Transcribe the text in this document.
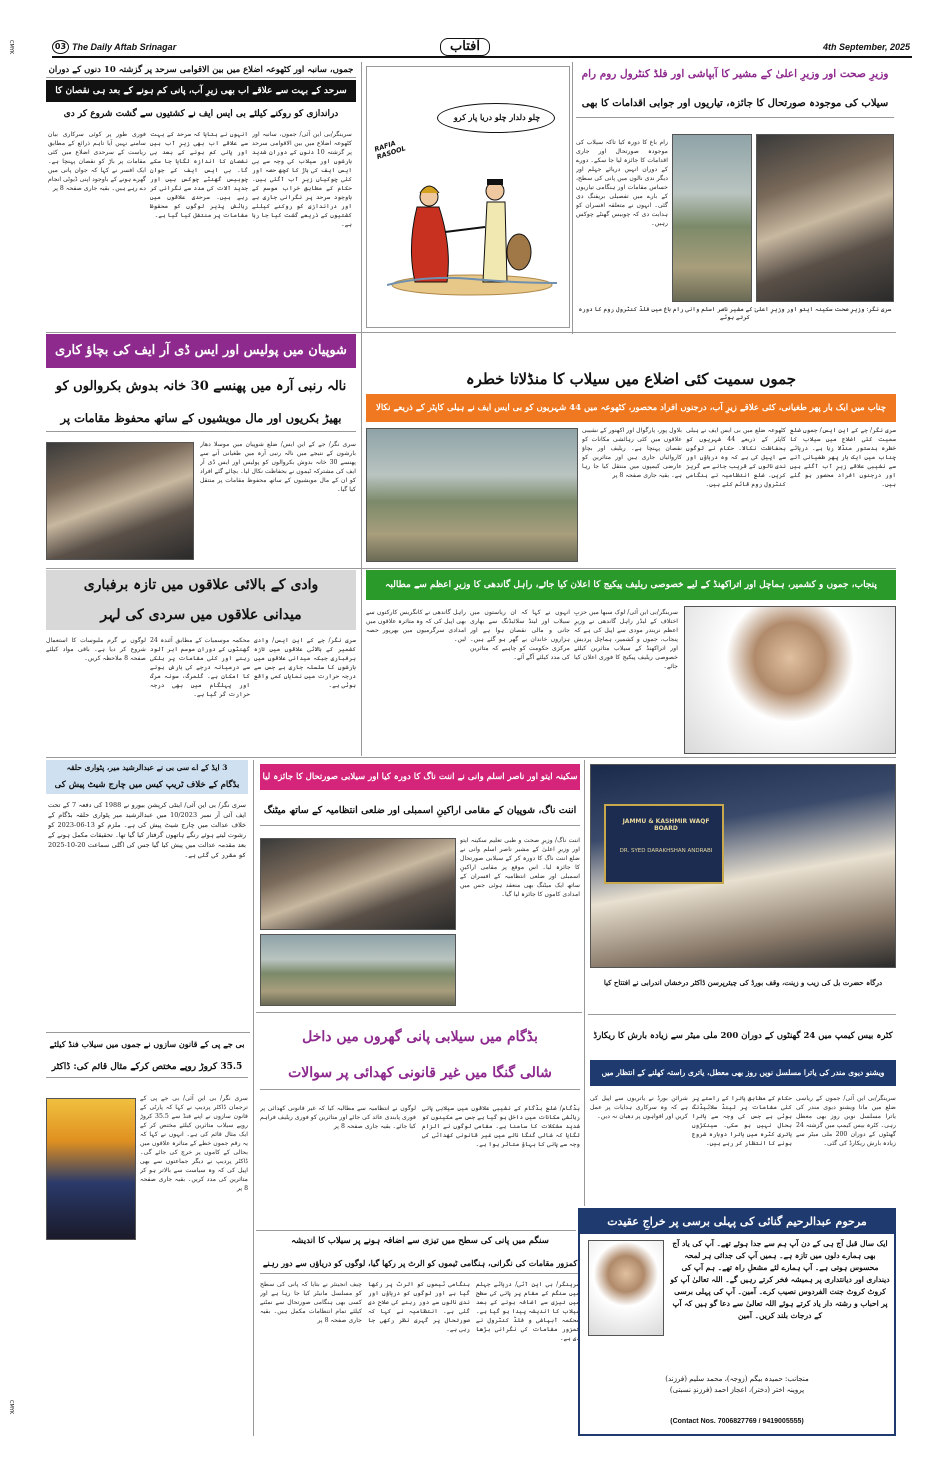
03 The Daily Aftab Srinagar	آفتاب	4th September, 2025
CMYK
CMYK
جموں، سانبہ اور کٹھوعہ اضلاع میں بین الاقوامی سرحد پر گزشتہ 10 دنوں کے دوران
سرحد کے بہت سے علاقے اب بھی زیرِ آب، پانی کم ہونے کے بعد ہی نقصان کا
دراندازی کو روکنے کیلئے بی ایس ایف نے کشتیوں سے گشت شروع کر دی
سرینگر/بی این آئی/ جموں، سانبہ اور کٹھوعہ اضلاع میں بین الاقوامی سرحد پر گزشتہ 10 دنوں کے دوران شدید بارشوں اور سیلاب کی وجہ سے بی ایس ایف کی باڑ کا کچھ حصہ اور کئی چوکیاں زیرِ آب آگئی ہیں۔ حکام کے مطابق خراب موسم کے باوجود سرحد پر نگرانی جاری ہے اور دراندازی کو روکنے کیلئے کشتیوں کے ذریعے گشت کیا جا رہا ہے۔
انہوں نے بتایا کہ سرحد کے بہت سے علاقے اب بھی زیرِ آب ہیں اور پانی کم ہونے کے بعد ہی نقصان کا اندازہ لگایا جا سکے گا۔ بی ایس ایف کے جوان چوبیس گھنٹے چوکس ہیں اور جدید آلات کی مدد سے نگرانی کر رہے ہیں۔ سرحدی علاقوں میں رہائش پذیر لوگوں کو محفوظ مقامات پر منتقل کیا گیا ہے۔
فوری طور پر کوئی سرکاری بیان سامنے نہیں آیا تاہم ذرائع کے مطابق ریاست کے سرحدی اضلاع میں کئی مقامات پر باڑ کو نقصان پہنچا ہے۔ ایک افسر نے کہا کہ جوان پانی میں گھرے ہونے کے باوجود اپنی ڈیوٹی انجام دے رہے ہیں۔ بقیہ جاری صفحہ 8 پر
چلو دلدار چلو دریا پار کرو
RAFIA RASOOL
وزیرِ صحت اور وزیرِ اعلیٰ کے مشیر کا آبپاشی اور فلڈ کنٹرول روم رام
سیلاب کی موجودہ صورتحال کا جائزہ، تیاریوں اور جوابی اقدامات کا بھی
رام باغ کا دورہ کیا تاکہ سیلاب کی موجودہ صورتحال اور جاری اقدامات کا جائزہ لیا جا سکے۔ دورے کے دوران انہیں دریائے جہلم اور دیگر ندی نالوں میں پانی کی سطح، حساس مقامات اور ہنگامی تیاریوں کے بارے میں تفصیلی بریفنگ دی گئی۔ انہوں نے متعلقہ افسران کو ہدایت دی کہ چوبیس گھنٹے چوکس رہیں۔
سری نگر: وزیرِ صحت سکینہ ایتو اور وزیرِ اعلیٰ کے مشیر ناصر اسلم وانی رام باغ میں فلڈ کنٹرول روم کا دورہ کرتے ہوئے
شوپیان میں پولیس اور ایس ڈی آر ایف کی بچاؤ کاری
نالہ رنبی آرہ میں پھنسے 30 خانہ بدوش بکروالوں کو
بھیڑ بکریوں اور مال مویشیوں کے ساتھ محفوظ مقامات پر
سری نگر/ جے کے این ایس/ ضلع شوپیان میں موسلا دھار بارشوں کے نتیجے میں نالہ رنبی آرہ میں طغیانی آنے سے پھنسے 30 خانہ بدوش بکروالوں کو پولیس اور ایس ڈی آر ایف کی مشترکہ ٹیموں نے بحفاظت نکال لیا۔ بچائے گئے افراد کو ان کے مال مویشیوں کے ساتھ محفوظ مقامات پر منتقل کیا گیا۔
جموں سمیت کئی اضلاع میں سیلاب کا منڈلاتا خطرہ
چناب میں ایک بار پھر طغیانی، کئی علاقے زیرِ آب، درجنوں افراد محصور، کٹھوعہ میں 44 شہریوں کو بی ایس ایف نے ہیلی کاپٹر کے ذریعے نکالا
بلاول پور، پارگوال اور اکھنور کے نشیبی علاقوں میں کئی رہائشی مکانات کو نقصان پہنچا ہے۔ ریلیف اور بچاؤ کاروائیاں جاری ہیں اور متاثرین کو عارضی کیمپوں میں منتقل کیا جا رہا ہے۔ بقیہ جاری صفحہ 8 پر
کٹھوعہ ضلع میں بی ایس ایف نے ہیلی کاپٹر کے ذریعے 44 شہریوں کو بحفاظت نکالا۔ حکام نے لوگوں سے اپیل کی ہے کہ وہ دریاؤں اور ندی نالوں کے قریب جانے سے گریز کریں۔ ضلع انتظامیہ نے ہنگامی کنٹرول روم قائم کئے ہیں۔
سری نگر/ جے کے این ایس/ جموں ضلع سمیت کئی اضلاع میں سیلاب کا خطرہ بدستور منڈلا رہا ہے۔ دریائے چناب میں ایک بار پھر طغیانی آنے سے نشیبی علاقے زیرِ آب آگئے ہیں اور درجنوں افراد محصور ہو گئے ہیں۔
وادی کے بالائی علاقوں میں تازہ برفباری
میدانی علاقوں میں سردی کی لہر
سری نگر/ جے کے این ایس/ وادی کشمیر کے بالائی علاقوں میں تازہ برفباری جبکہ میدانی علاقوں میں بارشوں کا سلسلہ جاری ہے جس سے درجہ حرارت میں نمایاں کمی واقع ہوئی ہے۔
محکمہ موسمیات کے مطابق آئندہ 24 گھنٹوں کے دوران موسم ابر آلود رہنے اور کئی مقامات پر ہلکی سے درمیانہ درجے کی بارش ہونے کا امکان ہے۔ گلمرگ، سونہ مرگ اور پہلگام میں بھی درجہ حرارت گر گیا ہے۔
لوگوں نے گرم ملبوسات کا استعمال شروع کر دیا ہے۔ باقی مواد کیلئے صفحہ 8 ملاحظہ کریں۔
پنجاب، جموں و کشمیر، ہماچل اور اتراکھنڈ کے لیے خصوصی ریلیف پیکیج کا اعلان کیا جائے، راہل گاندھی کا وزیرِ اعظم سے مطالبہ
راہل گاندھی نے کانگریس کارکنوں سے بھی اپیل کی کہ وہ متاثرہ علاقوں میں امدادی سرگرمیوں میں بھرپور حصہ لیں۔
انہوں نے کہا کہ ان ریاستوں میں سیلاب اور لینڈ سلائیڈنگ سے بھاری جانی و مالی نقصان ہوا ہے اور ہزاروں خاندان بے گھر ہو گئے ہیں۔ مرکزی حکومت کو چاہیے کہ متاثرین کی مدد کیلئے آگے آئے۔
سرینگر/بی این آئی/ لوک سبھا میں حزبِ اختلاف کے لیڈر راہل گاندھی نے وزیرِ اعظم نریندر مودی سے اپیل کی ہے کہ پنجاب، جموں و کشمیر، ہماچل پردیش اور اتراکھنڈ کے سیلاب متاثرین کیلئے خصوصی ریلیف پیکیج کا فوری اعلان کیا جائے۔
3 ایڈ کے اے سی بی نے عبدالرشید میر، پٹواری حلقہ
بڈگام کے خلاف ٹریپ کیس میں چارج شیٹ پیش کی
سری نگر/ بی این آئی/ اینٹی کرپشن بیورو نے 1988 کی دفعہ 7 کے تحت ایف آئی آر نمبر 10/2023 میں عبدالرشید میر پٹواری حلقہ بڈگام کے خلاف عدالت میں چارج شیٹ پیش کی ہے۔ ملزم کو 13-06-2023 کو رشوت لیتے ہوئے رنگے ہاتھوں گرفتار کیا گیا تھا۔ تحقیقات مکمل ہونے کے بعد مقدمہ عدالت میں پیش کیا گیا جس کی اگلی سماعت 20-10-2025 کو مقرر کی گئی ہے۔
بی جے پی کے قانون سازوں نے جموں میں سیلاب فنڈ کیلئے
35.5 کروڑ روپے مختص کرکے مثال قائم کی: ڈاکٹر
سری نگر/ بی این آئی/ بی جے پی کے ترجمان ڈاکٹر پردیپ نے کہا کہ پارٹی کے قانون سازوں نے اپنے فنڈ سے 35.5 کروڑ روپے سیلاب متاثرین کیلئے مختص کر کے ایک مثال قائم کی ہے۔ انہوں نے کہا کہ یہ رقم جموں خطے کے متاثرہ علاقوں میں بحالی کے کاموں پر خرچ کی جائے گی۔ ڈاکٹر پردیپ نے دیگر جماعتوں سے بھی اپیل کی کہ وہ سیاست سے بالاتر ہو کر متاثرین کی مدد کریں۔ بقیہ جاری صفحہ 8 پر
سکینہ ایتو اور ناصر اسلم وانی نے اننت ناگ کا دورہ کیا اور سیلابی صورتحال کا جائزہ لیا
اننت ناگ، شوپیان کے مقامی اراکینِ اسمبلی اور ضلعی انتظامیہ کے ساتھ میٹنگ
اننت ناگ/ وزیرِ صحت و طبی تعلیم سکینہ ایتو اور وزیرِ اعلیٰ کے مشیر ناصر اسلم وانی نے ضلع اننت ناگ کا دورہ کر کے سیلابی صورتحال کا جائزہ لیا۔ اس موقع پر مقامی اراکینِ اسمبلی اور ضلعی انتظامیہ کے افسران کے ساتھ ایک میٹنگ بھی منعقد ہوئی جس میں امدادی کاموں کا جائزہ لیا گیا۔
JAMMU & KASHMIR WAQF BOARD
DR. SYED DARAKHSHAN ANDRABI
درگاہ حضرت بل کی زیب و زینت، وقف بورڈ کی چیئرپرسن ڈاکٹر درخشاں اندرابی نے افتتاح کیا
کٹرہ بیس کیمپ میں 24 گھنٹوں کے دوران 200 ملی میٹر سے زیادہ بارش کا ریکارڈ
ویشنو دیوی مندر کی یاترا مسلسل نویں روز بھی معطل، یاتری راستہ کھلنے کے انتظار میں
شرائن بورڈ نے یاتریوں سے اپیل کی ہے کہ وہ سرکاری ہدایات پر عمل کریں اور افواہوں پر دھیان نہ دیں۔
حکام کے مطابق یاترا کے راستے پر کئی مقامات پر لینڈ سلائیڈنگ ہوئی ہے جس کی وجہ سے یاترا بحال نہیں ہو سکی۔ سینکڑوں یاتری کٹرہ میں یاترا دوبارہ شروع ہونے کا انتظار کر رہے ہیں۔
سرینگر/بی این آئی/ جموں کے ریاسی ضلع میں ماتا ویشنو دیوی مندر کی یاترا مسلسل نویں روز بھی معطل رہی۔ کٹرہ بیس کیمپ میں گزشتہ 24 گھنٹوں کے دوران 200 ملی میٹر سے زیادہ بارش ریکارڈ کی گئی۔
بڈگام میں سیلابی پانی گھروں میں داخل
شالی گنگا میں غیر قانونی کھدائی پر سوالات
لوگوں نے انتظامیہ سے مطالبہ کیا کہ غیر قانونی کھدائی پر فوری پابندی عائد کی جائے اور متاثرین کو فوری ریلیف فراہم کیا جائے۔ بقیہ جاری صفحہ 8 پر
بڈگام/ ضلع بڈگام کے نشیبی علاقوں میں سیلابی پانی رہائشی مکانات میں داخل ہو گیا ہے جس سے مکینوں کو شدید مشکلات کا سامنا ہے۔ مقامی لوگوں نے الزام لگایا کہ شالی گنگا نالے میں غیر قانونی کھدائی کی وجہ سے پانی کا بہاؤ متاثر ہوا ہے۔
سنگم میں پانی کی سطح میں تیزی سے اضافہ ہونے پر سیلاب کا اندیشہ
کمزور مقامات کی نگرانی، ہنگامی ٹیموں کو الرٹ پر رکھا گیا، لوگوں کو دریاؤں سے دور رہنے
چیف انجینئر نے بتایا کہ پانی کی سطح کو مسلسل مانیٹر کیا جا رہا ہے اور کسی بھی ہنگامی صورتحال سے نمٹنے کیلئے تمام انتظامات مکمل ہیں۔ بقیہ جاری صفحہ 8 پر
ہنگامی ٹیموں کو الرٹ پر رکھا گیا ہے اور لوگوں کو دریاؤں اور ندی نالوں سے دور رہنے کی صلاح دی گئی ہے۔ انتظامیہ نے کہا کہ صورتحال پر گہری نظر رکھی جا رہی ہے۔
سرینگر/ بی این آئی/ دریائے جہلم میں سنگم کے مقام پر پانی کی سطح میں تیزی سے اضافہ ہونے کے بعد سیلاب کا اندیشہ پیدا ہو گیا ہے۔ محکمہ آبپاشی و فلڈ کنٹرول نے کمزور مقامات کی نگرانی بڑھا دی ہے۔
مرحوم عبدالرحیم گنائی کی پہلی برسی پر خراجِ عقیدت
ایک سال قبل آج ہی کے دن آپ ہم سے جدا ہوئے تھے۔ آپ کی یاد آج بھی ہمارے دلوں میں تازہ ہے۔ ہمیں آپ کی جدائی ہر لمحہ محسوس ہوتی ہے۔ آپ ہمارے لئے مشعلِ راہ تھے۔ ہم آپ کی دینداری اور دیانتداری پر ہمیشہ فخر کرتے رہیں گے۔ اللہ تعالیٰ آپ کو کروٹ کروٹ جنت الفردوس نصیب کرے۔ آمین۔ آپ کی پہلی برسی پر احباب و رشتہ دار یاد کرتے ہوئے اللہ تعالیٰ سے دعا گو ہیں کہ آپ کے درجات بلند کریں۔ آمین
منجانب: حمیدہ بیگم (زوجہ)، محمد سلیم (فرزند)
پروینہ اختر (دختر)، اعجاز احمد (فرزندِ نسبتی)
(Contact Nos. 7006827769 / 9419005555)
